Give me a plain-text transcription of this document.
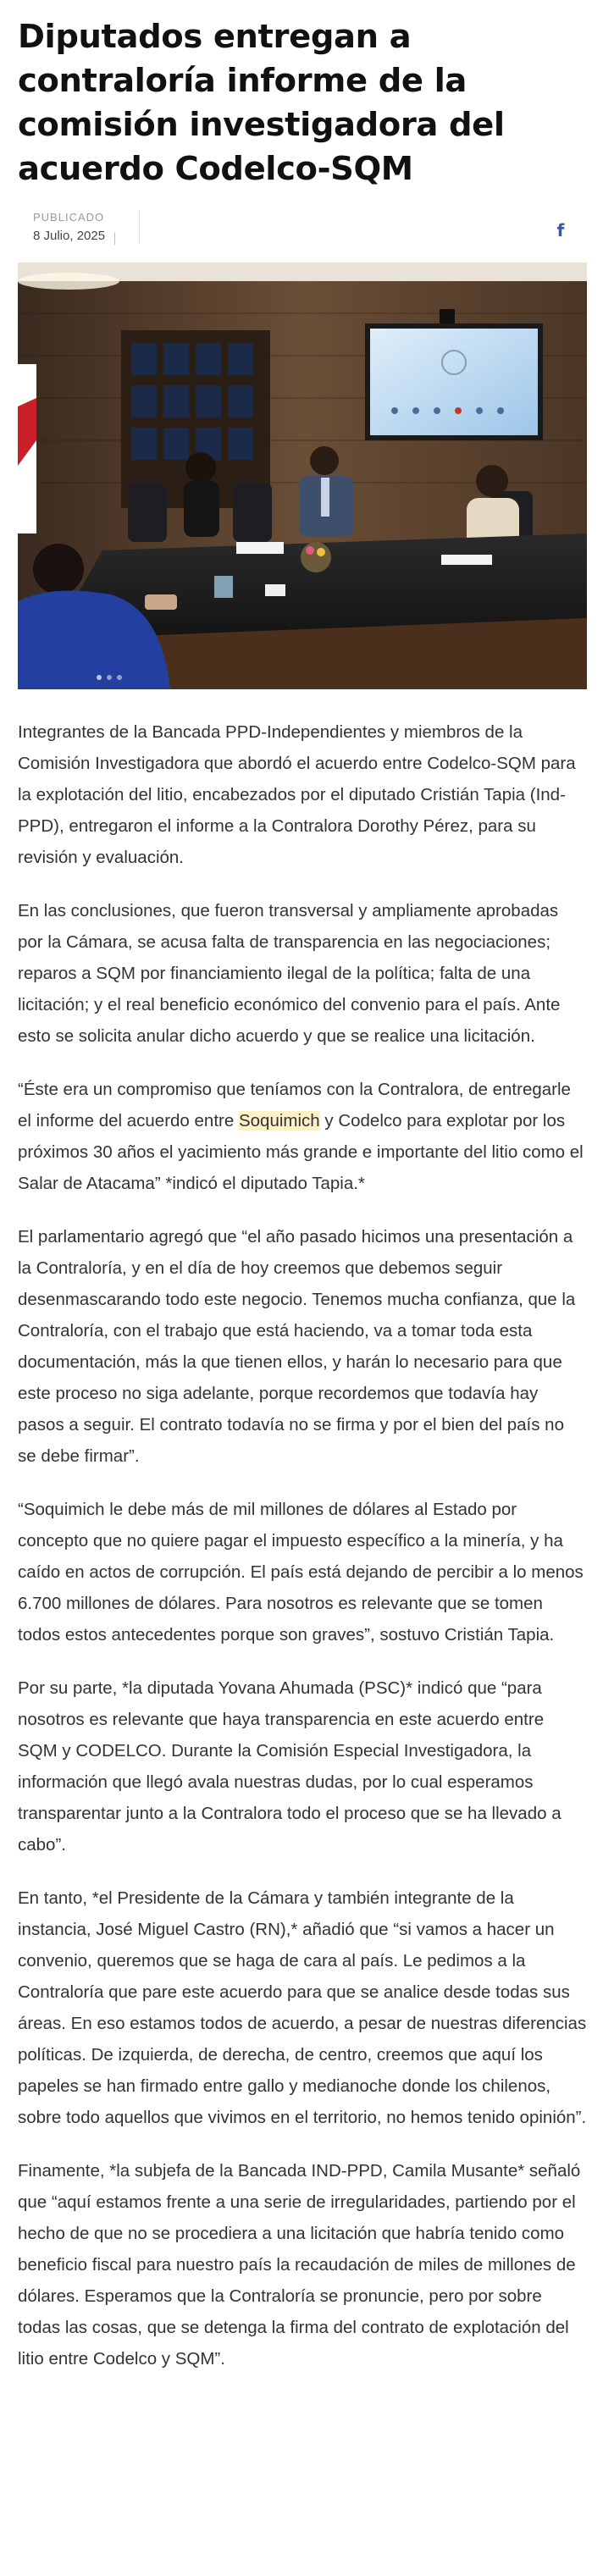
Diputados entregan a contraloría informe de la comisión investigadora del acuerdo Codelco-SQM
PUBLICADO
8 Julio, 2025	f

Integrantes de la Bancada PPD-Independientes y miembros de la Comisión Investigadora que abordó el acuerdo entre Codelco-SQM para la explotación del litio, encabezados por el diputado Cristián Tapia (Ind-PPD), entregaron el informe a la Contralora Dorothy Pérez, para su revisión y evaluación.

En las conclusiones, que fueron transversal y ampliamente aprobadas por la Cámara, se acusa falta de transparencia en las negociaciones; reparos a SQM por financiamiento ilegal de la política; falta de una licitación; y el real beneficio económico del convenio para el país. Ante esto se solicita anular dicho acuerdo y que se realice una licitación.

“Éste era un compromiso que teníamos con la Contralora, de entregarle el informe del acuerdo entre Soquimich y Codelco para explotar por los próximos 30 años el yacimiento más grande e importante del litio como el Salar de Atacama” *indicó el diputado Tapia.*

El parlamentario agregó que “el año pasado hicimos una presentación a la Contraloría, y en el día de hoy creemos que debemos seguir desenmascarando todo este negocio. Tenemos mucha confianza, que la Contraloría, con el trabajo que está haciendo, va a tomar toda esta documentación, más la que tienen ellos, y harán lo necesario para que este proceso no siga adelante, porque recordemos que todavía hay pasos a seguir. El contrato todavía no se firma y por el bien del país no se debe firmar”.

“Soquimich le debe más de mil millones de dólares al Estado por concepto que no quiere pagar el impuesto específico a la minería, y ha caído en actos de corrupción. El país está dejando de percibir a lo menos 6.700 millones de dólares. Para nosotros es relevante que se tomen todos estos antecedentes porque son graves”, sostuvo Cristián Tapia.

Por su parte, *la diputada Yovana Ahumada (PSC)* indicó que “para nosotros es relevante que haya transparencia en este acuerdo entre SQM y CODELCO. Durante la Comisión Especial Investigadora, la información que llegó avala nuestras dudas, por lo cual esperamos transparentar junto a la Contralora todo el proceso que se ha llevado a cabo”.

En tanto, *el Presidente de la Cámara y también integrante de la instancia, José Miguel Castro (RN),* añadió que “si vamos a hacer un convenio, queremos que se haga de cara al país. Le pedimos a la Contraloría que pare este acuerdo para que se analice desde todas sus áreas. En eso estamos todos de acuerdo, a pesar de nuestras diferencias políticas. De izquierda, de derecha, de centro, creemos que aquí los papeles se han firmado entre gallo y medianoche donde los chilenos, sobre todo aquellos que vivimos en el territorio, no hemos tenido opinión”.

Finamente, *la subjefa de la Bancada IND-PPD, Camila Musante* señaló que “aquí estamos frente a una serie de irregularidades, partiendo por el hecho de que no se procediera a una licitación que habría tenido como beneficio fiscal para nuestro país la recaudación de miles de millones de dólares. Esperamos que la Contraloría se pronuncie, pero por sobre todas las cosas, que se detenga la firma del contrato de explotación del litio entre Codelco y SQM”.
